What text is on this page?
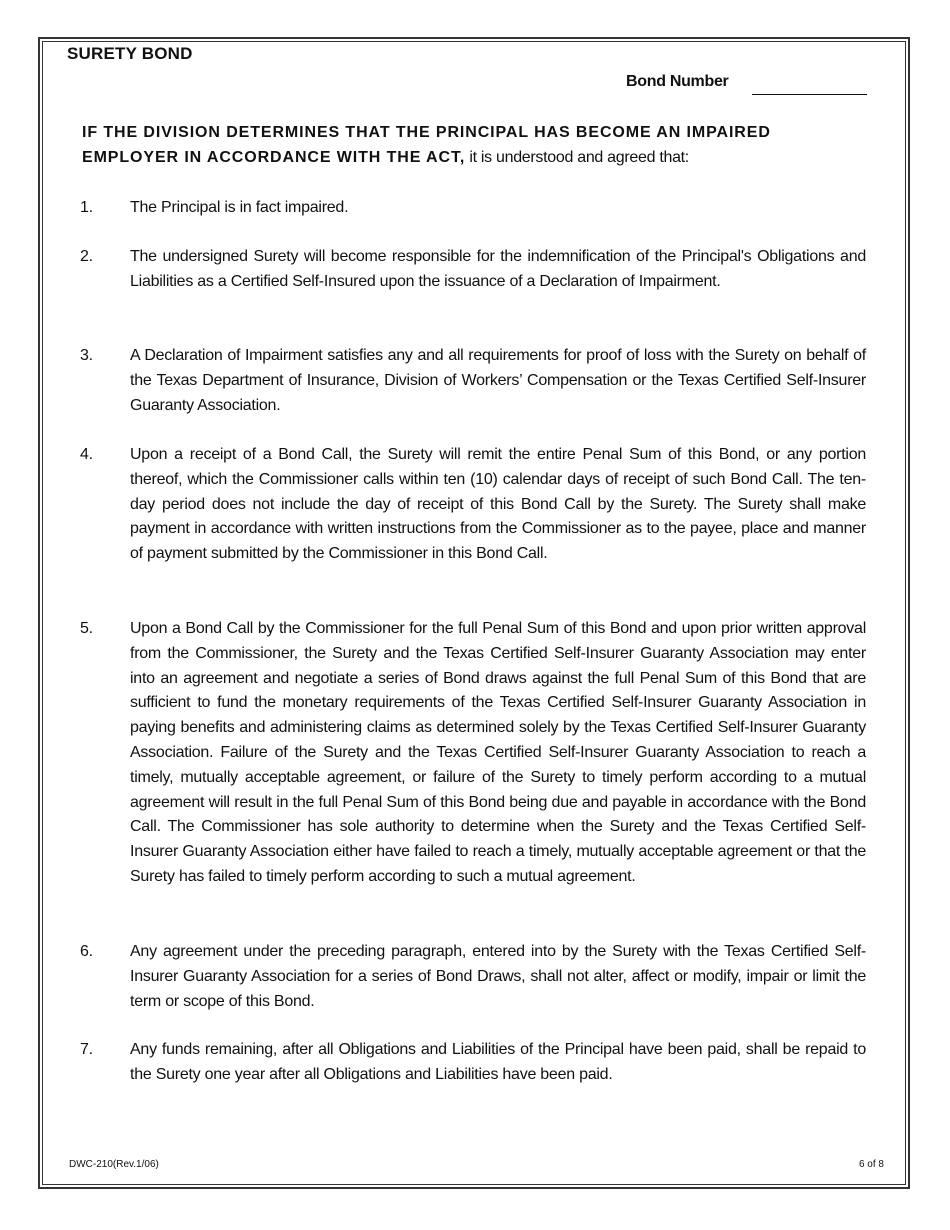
SURETY BOND
Bond Number
IF THE DIVISION DETERMINES THAT THE PRINCIPAL HAS BECOME AN IMPAIRED EMPLOYER IN ACCORDANCE WITH THE ACT, it is understood and agreed that:
1. The Principal is in fact impaired.
2. The undersigned Surety will become responsible for the indemnification of the Principal's Obligations and Liabilities as a Certified Self-Insured upon the issuance of a Declaration of Impairment.
3. A Declaration of Impairment satisfies any and all requirements for proof of loss with the Surety on behalf of the Texas Department of Insurance, Division of Workers’ Compensation or the Texas Certified Self-Insurer Guaranty Association.
4. Upon a receipt of a Bond Call, the Surety will remit the entire Penal Sum of this Bond, or any portion thereof, which the Commissioner calls within ten (10) calendar days of receipt of such Bond Call. The ten-day period does not include the day of receipt of this Bond Call by the Surety. The Surety shall make payment in accordance with written instructions from the Commissioner as to the payee, place and manner of payment submitted by the Commissioner in this Bond Call.
5. Upon a Bond Call by the Commissioner for the full Penal Sum of this Bond and upon prior written approval from the Commissioner, the Surety and the Texas Certified Self-Insurer Guaranty Association may enter into an agreement and negotiate a series of Bond draws against the full Penal Sum of this Bond that are sufficient to fund the monetary requirements of the Texas Certified Self-Insurer Guaranty Association in paying benefits and administering claims as determined solely by the Texas Certified Self-Insurer Guaranty Association. Failure of the Surety and the Texas Certified Self-Insurer Guaranty Association to reach a timely, mutually acceptable agreement, or failure of the Surety to timely perform according to a mutual agreement will result in the full Penal Sum of this Bond being due and payable in accordance with the Bond Call. The Commissioner has sole authority to determine when the Surety and the Texas Certified Self-Insurer Guaranty Association either have failed to reach a timely, mutually acceptable agreement or that the Surety has failed to timely perform according to such a mutual agreement.
6. Any agreement under the preceding paragraph, entered into by the Surety with the Texas Certified Self-Insurer Guaranty Association for a series of Bond Draws, shall not alter, affect or modify, impair or limit the term or scope of this Bond.
7. Any funds remaining, after all Obligations and Liabilities of the Principal have been paid, shall be repaid to the Surety one year after all Obligations and Liabilities have been paid.
DWC-210(Rev.1/06)	6 of 8
